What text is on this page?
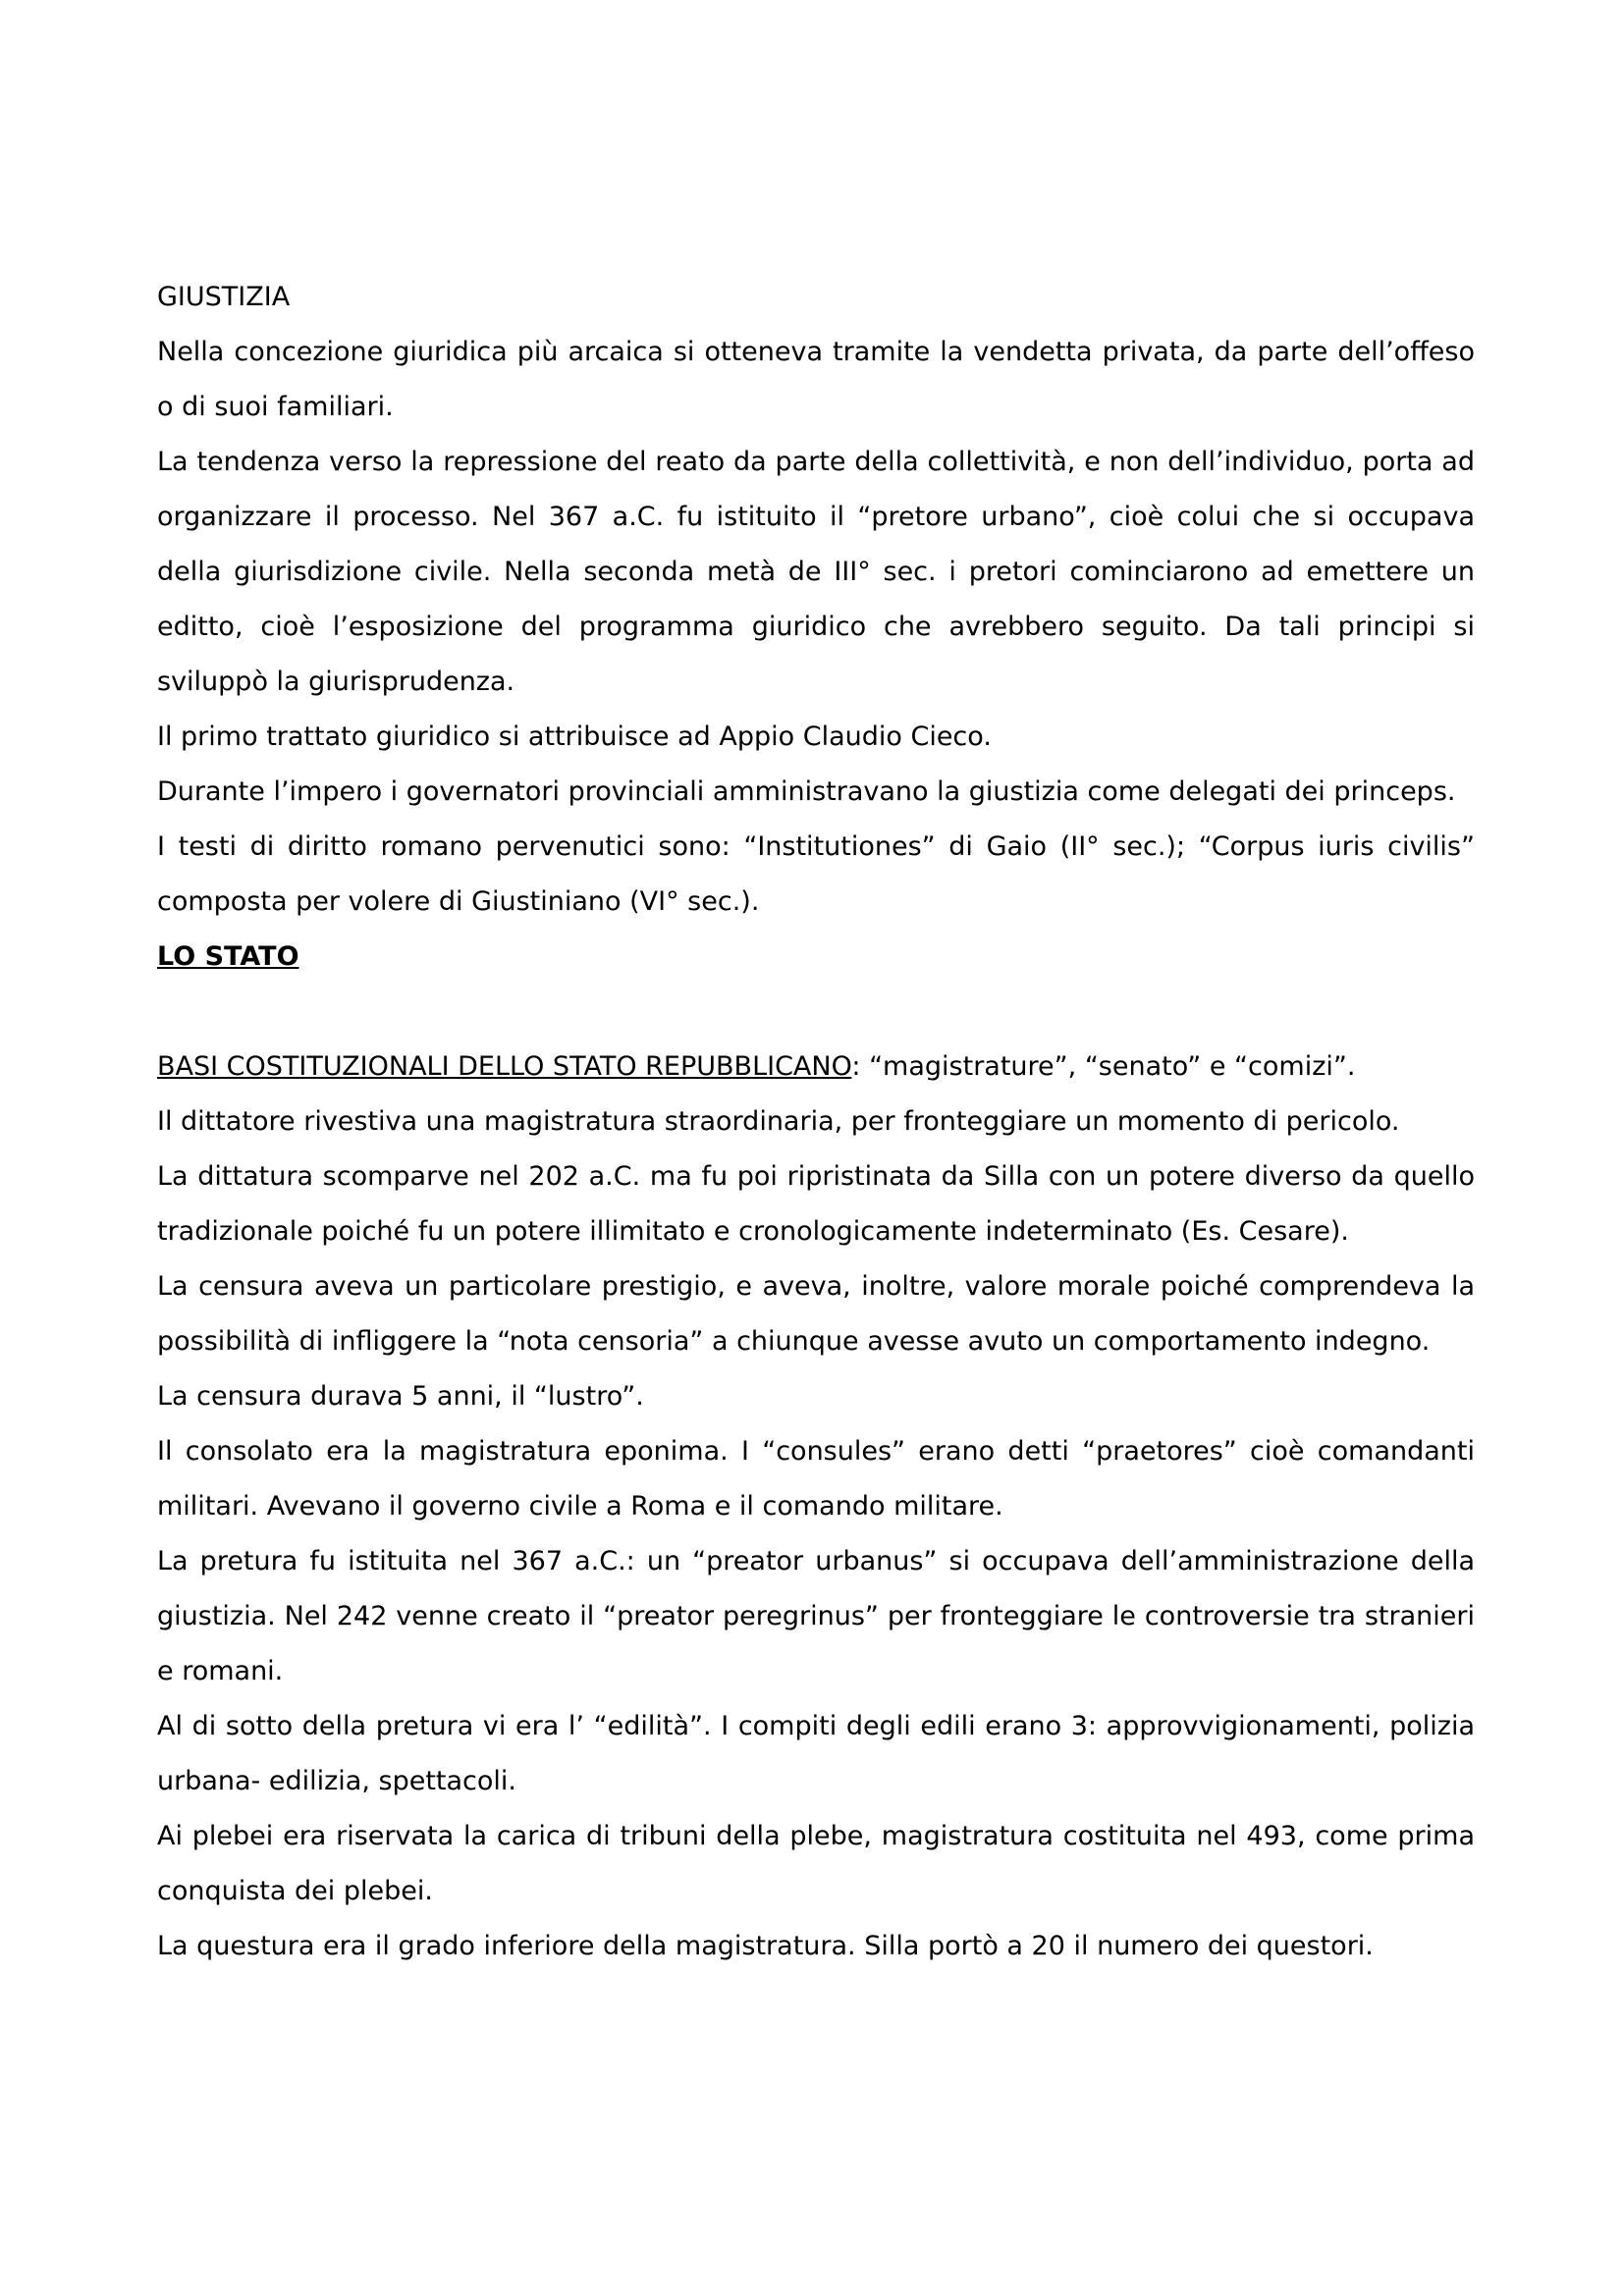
GIUSTIZIA

Nella concezione giuridica più arcaica si otteneva tramite la vendetta privata, da parte dell’offeso o di suoi familiari.

La tendenza verso la repressione del reato da parte della collettività, e non dell’individuo, porta ad organizzare il processo. Nel 367 a.C. fu istituito il “pretore urbano”, cioè colui che si occupava della giurisdizione civile. Nella seconda metà de III° sec. i pretori cominciarono ad emettere un editto, cioè l’esposizione del programma giuridico che avrebbero seguito. Da tali principi si sviluppò la giurisprudenza.

Il primo trattato giuridico si attribuisce ad Appio Claudio Cieco.

Durante l’impero i governatori provinciali amministravano la giustizia come delegati dei princeps.

I testi di diritto romano pervenutici sono: “Institutiones” di Gaio (II° sec.); “Corpus iuris civilis” composta per volere di Giustiniano (VI° sec.).

LO STATO

BASI COSTITUZIONALI DELLO STATO REPUBBLICANO: “magistrature”, “senato” e “comizi”.

Il dittatore rivestiva una magistratura straordinaria, per fronteggiare un momento di pericolo.

La dittatura scomparve nel 202 a.C. ma fu poi ripristinata da Silla con un potere diverso da quello tradizionale poiché fu un potere illimitato e cronologicamente indeterminato (Es. Cesare).

La censura aveva un particolare prestigio, e aveva, inoltre, valore morale poiché comprendeva la possibilità di infliggere la “nota censoria” a chiunque avesse avuto un comportamento indegno.

La censura durava 5 anni, il “lustro”.

Il consolato era la magistratura eponima. I “consules” erano detti “praetores” cioè comandanti militari. Avevano il governo civile a Roma e il comando militare.

La pretura fu istituita nel 367 a.C.: un “preator urbanus” si occupava dell’amministrazione della giustizia. Nel 242 venne creato il “preator peregrinus” per fronteggiare le controversie tra stranieri e romani.

Al di sotto della pretura vi era l’ “edilità”. I compiti degli edili erano 3: approvvigionamenti, polizia urbana- edilizia, spettacoli.

Ai plebei era riservata la carica di tribuni della plebe, magistratura costituita nel 493, come prima conquista dei plebei.

La questura era il grado inferiore della magistratura. Silla portò a 20 il numero dei questori.
